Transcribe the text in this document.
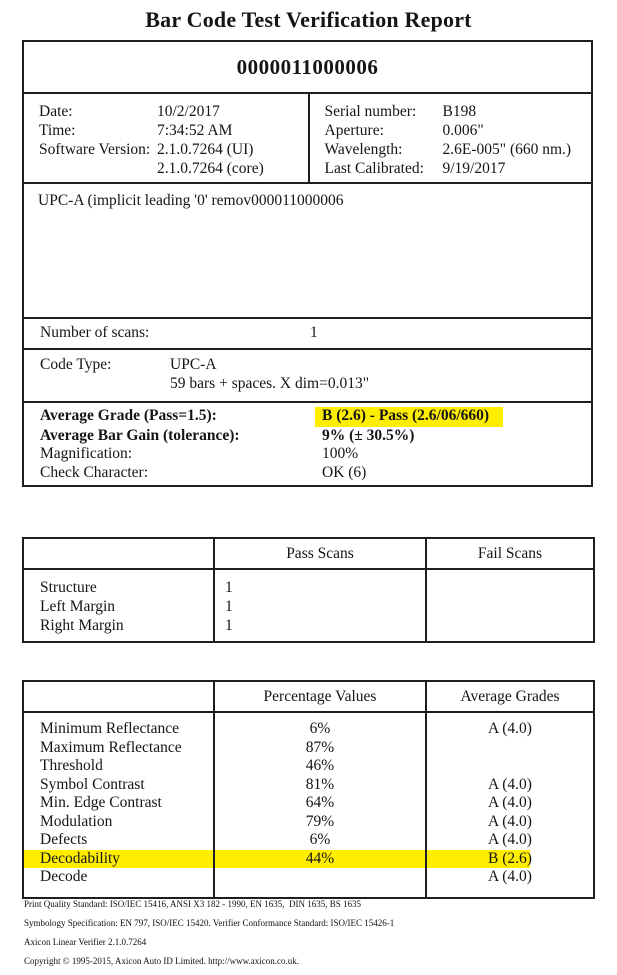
Bar Code Test Verification Report
0000011000006
Date:	10/2/2017
Time:	7:34:52 AM
Software Version: 2.1.0.7264 (UI)
2.1.0.7264 (core)
Serial number:	B198
Aperture:	0.006"
Wavelength:	2.6E-005" (660 nm.)
Last Calibrated:	9/19/2017
UPC-A (implicit leading '0' remov000011000006
Number of scans:	1
Code Type:	UPC-A
59 bars + spaces. X dim=0.013"
Average Grade (Pass=1.5):	B (2.6) - Pass (2.6/06/660)
Average Bar Gain (tolerance):	9% (± 30.5%)
Magnification:	100%
Check Character:	OK (6)
	Pass Scans	Fail Scans
Structure	1	
Left Margin	1	
Right Margin	1	
	Percentage Values	Average Grades
Minimum Reflectance	6%	A (4.0)
Maximum Reflectance	87%	
Threshold	46%	
Symbol Contrast	81%	A (4.0)
Min. Edge Contrast	64%	A (4.0)
Modulation	79%	A (4.0)
Defects	6%	A (4.0)
Decodability	44%	B (2.6)
Decode		A (4.0)
Print Quality Standard: ISO/IEC 15416, ANSI X3 182 - 1990, EN 1635,  DIN 1635, BS 1635
Symbology Specification: EN 797, ISO/IEC 15420. Verifier Conformance Standard: ISO/IEC 15426-1
Axicon Linear Verifier 2.1.0.7264
Copyright © 1995-2015, Axicon Auto ID Limited. http://www.axicon.co.uk.
